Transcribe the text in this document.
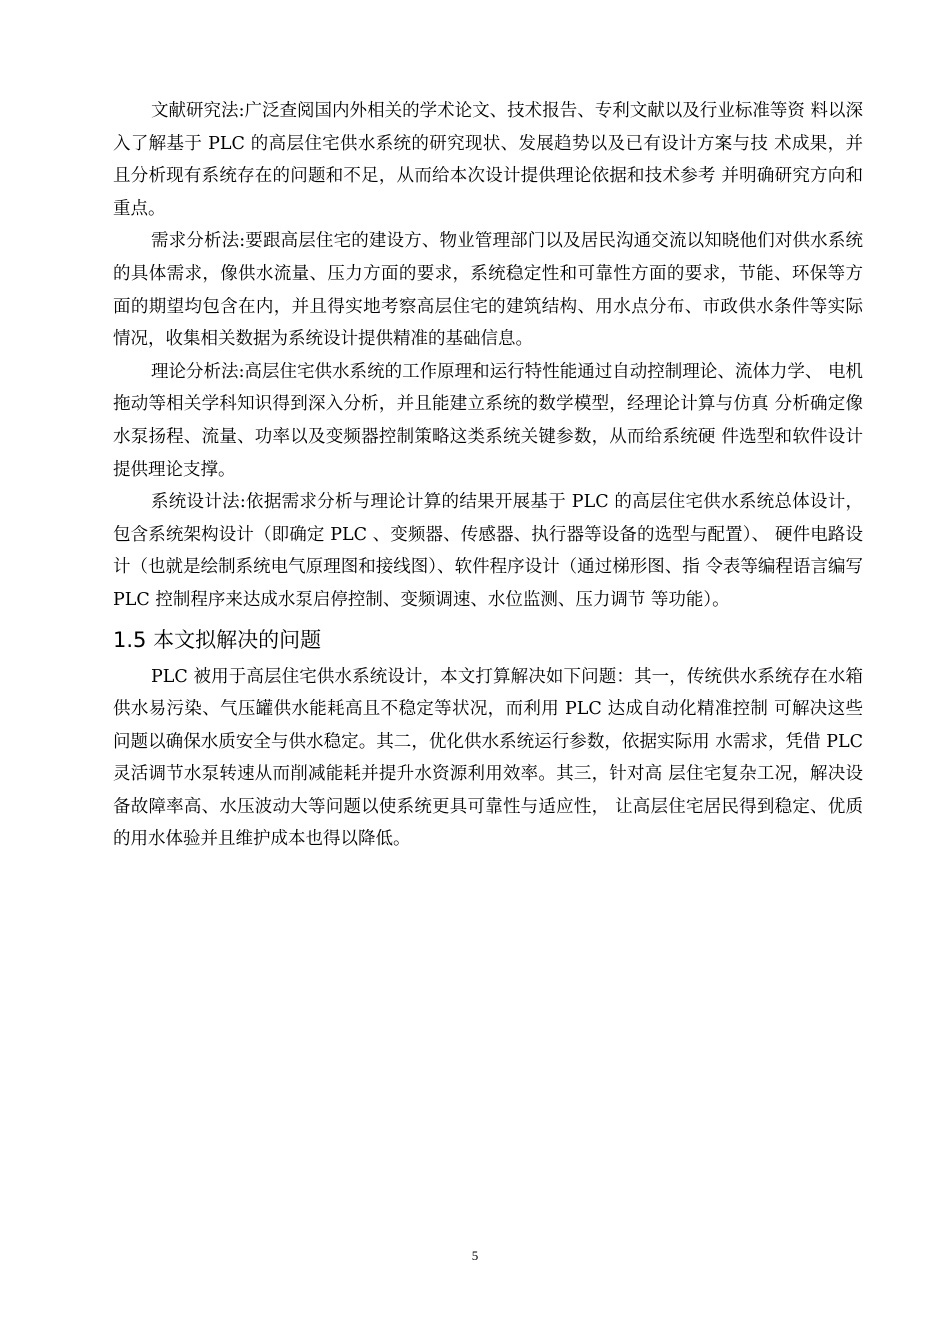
文献研究法:广泛查阅国内外相关的学术论文、技术报告、专利文献以及行业标准等资 料以深入了解基于 PLC 的高层住宅供水系统的研究现状、发展趋势以及已有设计方案与技 术成果，并且分析现有系统存在的问题和不足，从而给本次设计提供理论依据和技术参考 并明确研究方向和重点。

需求分析法:要跟高层住宅的建设方、物业管理部门以及居民沟通交流以知晓他们对供水系统的具体需求，像供水流量、压力方面的要求，系统稳定性和可靠性方面的要求，节能、环保等方面的期望均包含在内，并且得实地考察高层住宅的建筑结构、用水点分布、市政供水条件等实际情况，收集相关数据为系统设计提供精准的基础信息。

理论分析法:高层住宅供水系统的工作原理和运行特性能通过自动控制理论、流体力学、 电机拖动等相关学科知识得到深入分析，并且能建立系统的数学模型，经理论计算与仿真 分析确定像水泵扬程、流量、功率以及变频器控制策略这类系统关键参数，从而给系统硬 件选型和软件设计提供理论支撑。

系统设计法:依据需求分析与理论计算的结果开展基于 PLC 的高层住宅供水系统总体设计，包含系统架构设计（即确定 PLC 、变频器、传感器、执行器等设备的选型与配置）、 硬件电路设计（也就是绘制系统电气原理图和接线图）、软件程序设计（通过梯形图、指 令表等编程语言编写 PLC 控制程序来达成水泵启停控制、变频调速、水位监测、压力调节 等功能）。

1.5 本文拟解决的问题

PLC 被用于高层住宅供水系统设计，本文打算解决如下问题：其一，传统供水系统存在水箱供水易污染、气压罐供水能耗高且不稳定等状况，而利用 PLC 达成自动化精准控制 可解决这些问题以确保水质安全与供水稳定。其二，优化供水系统运行参数，依据实际用 水需求，凭借 PLC 灵活调节水泵转速从而削减能耗并提升水资源利用效率。其三，针对高 层住宅复杂工况，解决设备故障率高、水压波动大等问题以使系统更具可靠性与适应性， 让高层住宅居民得到稳定、优质的用水体验并且维护成本也得以降低。

5
